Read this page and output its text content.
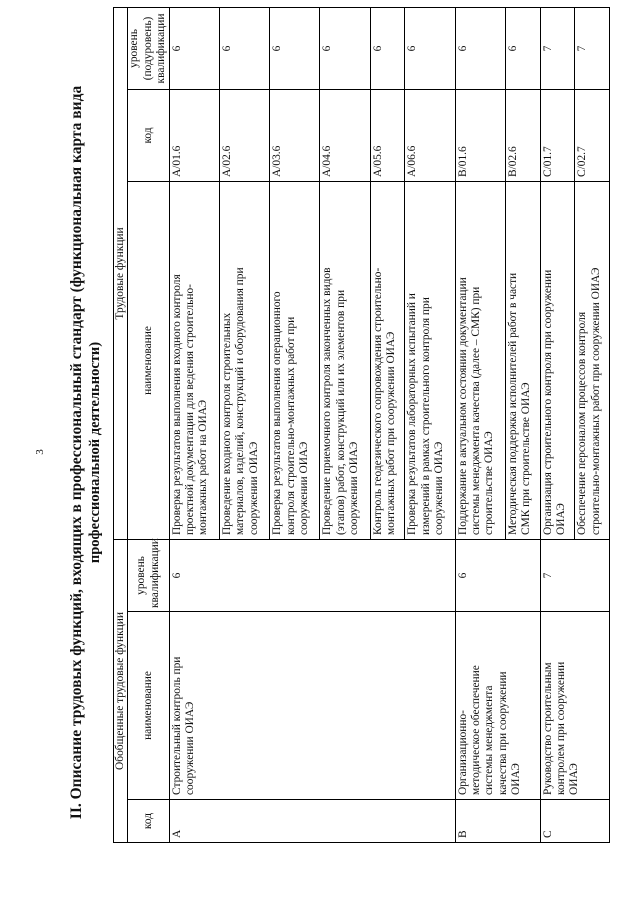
3 II. Описание трудовых функций, входящих в профессиональный стандарт (функциональная карта вида профессиональной деятельности)
Обобщенные трудовые функции			Трудовые функции		
код	наименование	уровень
квалификации	наименование	код	уровень
(подуровень)
квалификации
A	Строительный контроль при
сооружении ОИАЭ	6	Проверка результатов выполнения входного контроля
проектной документации для ведения строительно-
монтажных работ на ОИАЭ	A/01.6	6
			Проведение входного контроля строительных
материалов, изделий, конструкций и оборудования при
сооружении ОИАЭ	A/02.6	6
			Проверка результатов выполнения операционного
контроля строительно-монтажных работ при
сооружении ОИАЭ	A/03.6	6
			Проведение приемочного контроля законченных видов
(этапов) работ, конструкций или их элементов при
сооружении ОИАЭ	A/04.6	6
			Контроль геодезического сопровождения строительно-
монтажных работ при сооружении ОИАЭ	A/05.6	6
			Проверка результатов лабораторных испытаний и
измерений в рамках строительного контроля при
сооружении ОИАЭ	A/06.6	6
B	Организационно-
методическое обеспечение
системы менеджмента
качества при сооружении
ОИАЭ	6	Поддержание в актуальном состоянии документации
системы менеджмента качества (далее – СМК) при
строительстве ОИАЭ	B/01.6	6
			Методическая поддержка исполнителей работ в части
СМК при строительстве ОИАЭ	B/02.6	6
C	Руководство строительным
контролем при сооружении
ОИАЭ	7	Организация строительного контроля при сооружении
ОИАЭ	C/01.7	7
			Обеспечение персоналом процессов контроля
строительно-монтажных работ при сооружении ОИАЭ	C/02.7	7
